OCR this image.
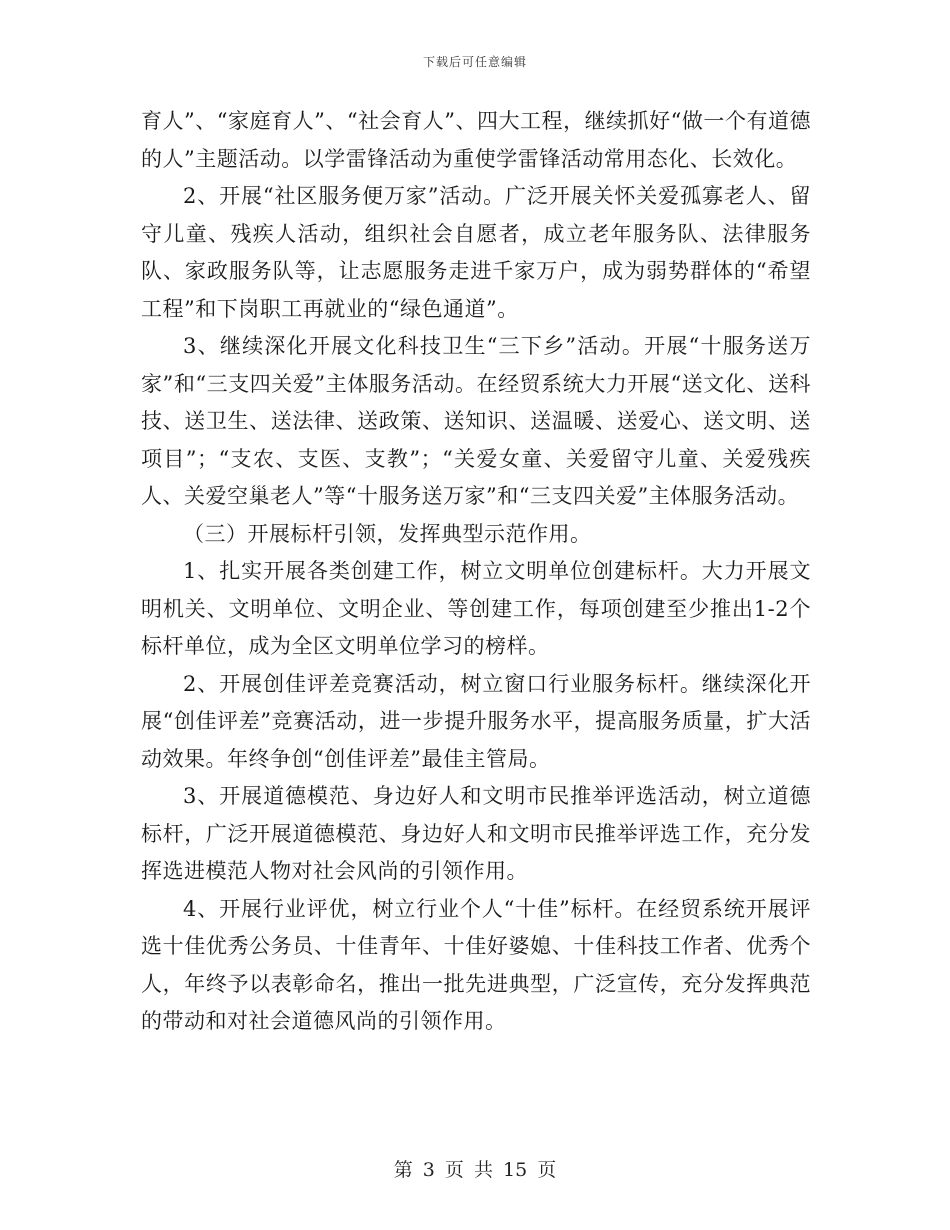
下载后可任意编辑

育人”、“家庭育人”、“社会育人”、四大工程，继续抓好“做一个有道德的人”主题活动。以学雷锋活动为重使学雷锋活动常用态化、长效化。

2、开展“社区服务便万家”活动。广泛开展关怀关爱孤寡老人、留守儿童、残疾人活动，组织社会自愿者，成立老年服务队、法律服务队、家政服务队等，让志愿服务走进千家万户，成为弱势群体的“希望工程”和下岗职工再就业的“绿色通道”。

3、继续深化开展文化科技卫生“三下乡”活动。开展“十服务送万家”和“三支四关爱”主体服务活动。在经贸系统大力开展“送文化、送科技、送卫生、送法律、送政策、送知识、送温暖、送爱心、送文明、送项目”；“支农、支医、支教”；“关爱女童、关爱留守儿童、关爱残疾人、关爱空巢老人”等“十服务送万家”和“三支四关爱”主体服务活动。

（三）开展标杆引领，发挥典型示范作用。

1、扎实开展各类创建工作，树立文明单位创建标杆。大力开展文明机关、文明单位、文明企业、等创建工作，每项创建至少推出1-2个标杆单位，成为全区文明单位学习的榜样。

2、开展创佳评差竞赛活动，树立窗口行业服务标杆。继续深化开展“创佳评差”竞赛活动，进一步提升服务水平，提高服务质量，扩大活动效果。年终争创“创佳评差”最佳主管局。

3、开展道德模范、身边好人和文明市民推举评选活动，树立道德标杆，广泛开展道德模范、身边好人和文明市民推举评选工作，充分发挥选进模范人物对社会风尚的引领作用。

4、开展行业评优，树立行业个人“十佳”标杆。在经贸系统开展评选十佳优秀公务员、十佳青年、十佳好婆媳、十佳科技工作者、优秀个人，年终予以表彰命名，推出一批先进典型，广泛宣传，充分发挥典范的带动和对社会道德风尚的引领作用。

第 3 页 共 15 页
